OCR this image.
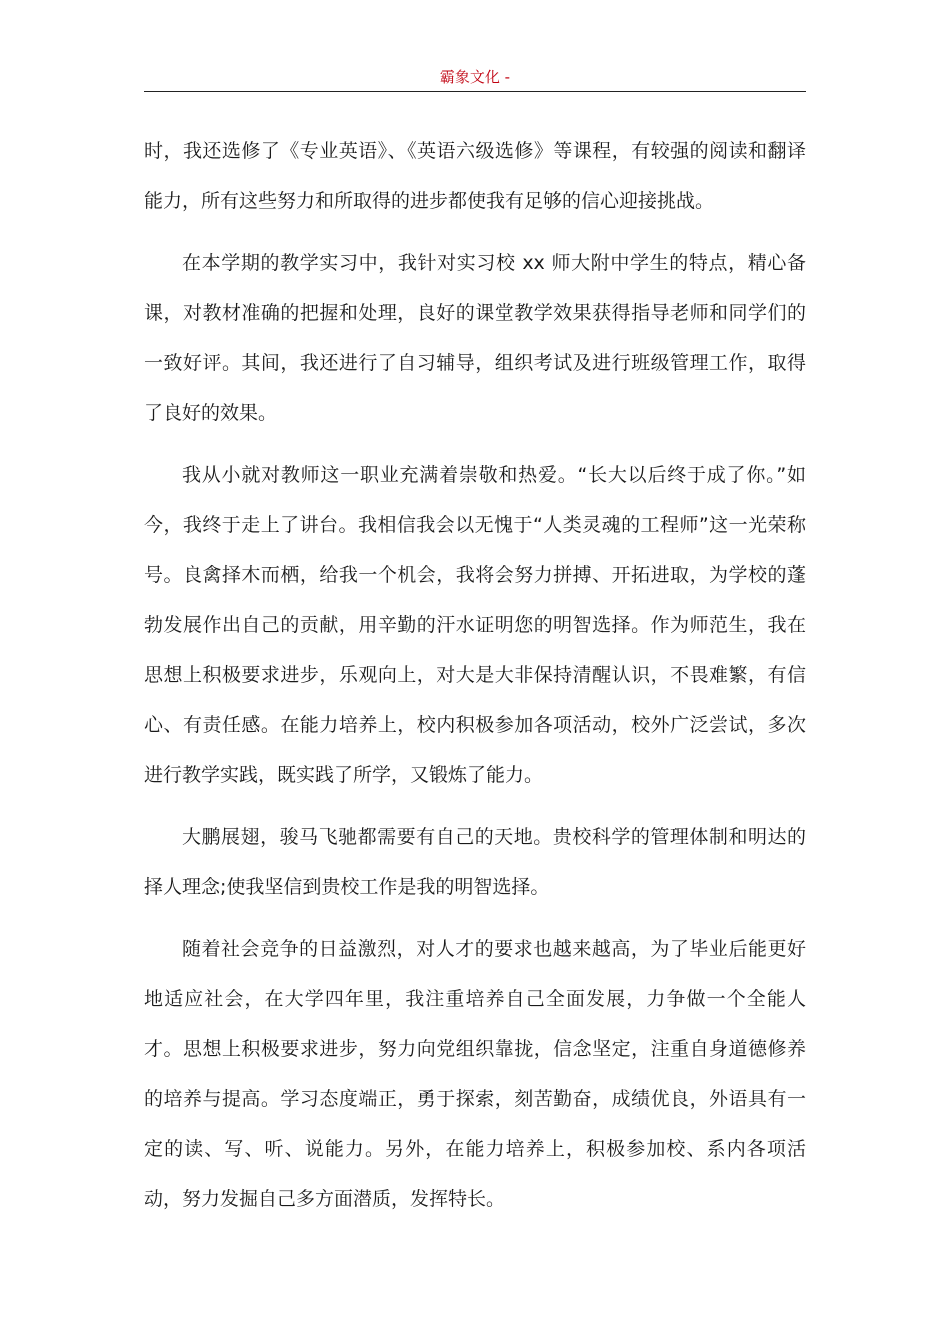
霸象文化 -

时，我还选修了《专业英语》、《英语六级选修》等课程，有较强的阅读和翻译能力，所有这些努力和所取得的进步都使我有足够的信心迎接挑战。

在本学期的教学实习中，我针对实习校 xx 师大附中学生的特点，精心备课，对教材准确的把握和处理，良好的课堂教学效果获得指导老师和同学们的一致好评。其间，我还进行了自习辅导，组织考试及进行班级管理工作，取得了良好的效果。

我从小就对教师这一职业充满着崇敬和热爱。“长大以后终于成了你。”如今，我终于走上了讲台。我相信我会以无愧于“人类灵魂的工程师”这一光荣称号。良禽择木而栖，给我一个机会，我将会努力拼搏、开拓进取，为学校的蓬勃发展作出自己的贡献，用辛勤的汗水证明您的明智选择。作为师范生，我在思想上积极要求进步，乐观向上，对大是大非保持清醒认识，不畏难繁，有信心、有责任感。在能力培养上，校内积极参加各项活动，校外广泛尝试，多次进行教学实践，既实践了所学，又锻炼了能力。

大鹏展翅，骏马飞驰都需要有自己的天地。贵校科学的管理体制和明达的择人理念;使我坚信到贵校工作是我的明智选择。

随着社会竞争的日益激烈，对人才的要求也越来越高，为了毕业后能更好地适应社会，在大学四年里，我注重培养自己全面发展，力争做一个全能人才。思想上积极要求进步，努力向党组织靠拢，信念坚定，注重自身道德修养的培养与提高。学习态度端正，勇于探索，刻苦勤奋，成绩优良，外语具有一定的读、写、听、说能力。另外，在能力培养上，积极参加校、系内各项活动，努力发掘自己多方面潜质，发挥特长。
